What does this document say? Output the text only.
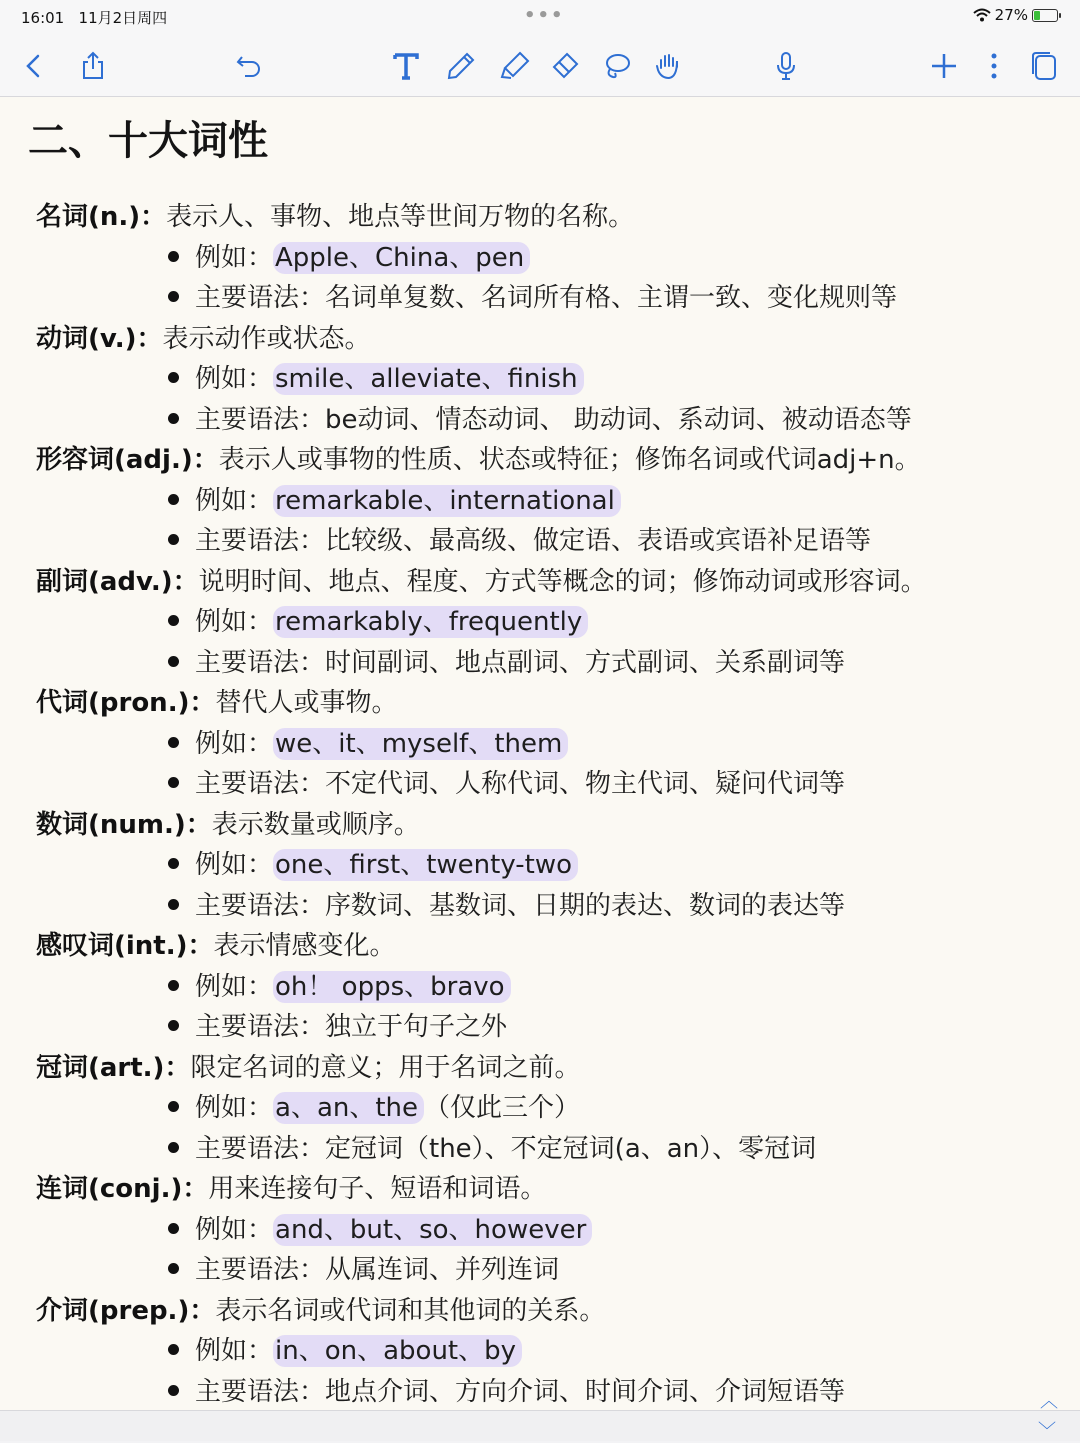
16:01 11月2日周四	•••	27%
二、十大词性
名词(n.)：表示人、事物、地点等世间万物的名称。
例如：Apple、China、pen
主要语法：名词单复数、名词所有格、主谓一致、变化规则等
动词(v.)：表示动作或状态。
例如：smile、alleviate、finish
主要语法：be动词、情态动词、 助动词、系动词、被动语态等
形容词(adj.)：表示人或事物的性质、状态或特征；修饰名词或代词adj+n。
例如：remarkable、international
主要语法：比较级、最高级、做定语、表语或宾语补足语等
副词(adv.)：说明时间、地点、程度、方式等概念的词；修饰动词或形容词。
例如：remarkably、frequently
主要语法：时间副词、地点副词、方式副词、关系副词等
代词(pron.)：替代人或事物。
例如：we、it、myself、them
主要语法：不定代词、人称代词、物主代词、疑问代词等
数词(num.)：表示数量或顺序。
例如：one、first、twenty-two
主要语法：序数词、基数词、日期的表达、数词的表达等
感叹词(int.)：表示情感变化。
例如：oh！ opps、bravo
主要语法：独立于句子之外
冠词(art.)：限定名词的意义；用于名词之前。
例如：a、an、the （仅此三个）
主要语法：定冠词（the）、不定冠词(a、an）、零冠词
连词(conj.)：用来连接句子、短语和词语。
例如：and、but、so、however
主要语法：从属连词、并列连词
介词(prep.)：表示名词或代词和其他词的关系。
例如：in、on、about、by
主要语法：地点介词、方向介词、时间介词、介词短语等	︿
﹀
